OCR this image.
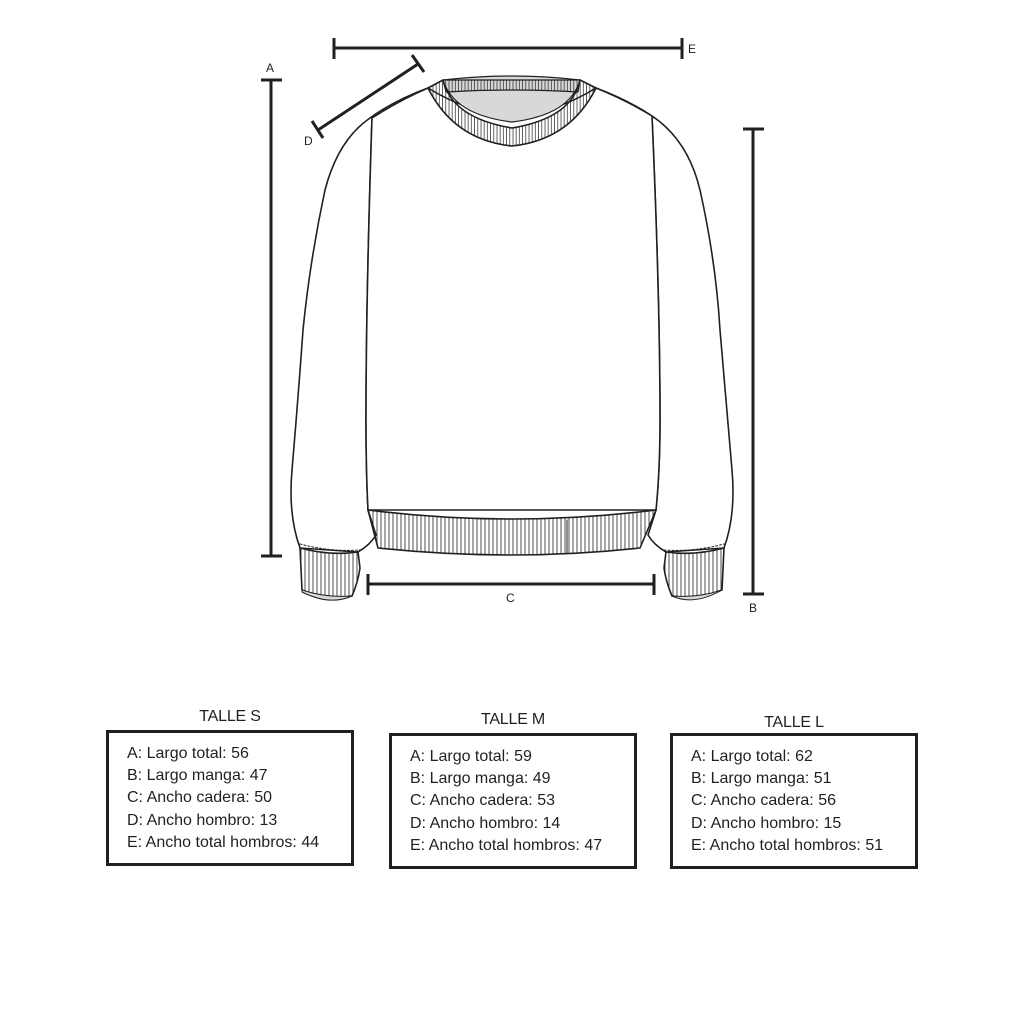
A
B
C
D
E
TALLE S
A: Largo total: 56
B: Largo manga: 47
C: Ancho cadera: 50
D: Ancho hombro: 13
E: Ancho total hombros: 44
TALLE M
A: Largo total: 59
B: Largo manga: 49
C: Ancho cadera: 53
D: Ancho hombro: 14
E: Ancho total hombros: 47
TALLE L
A: Largo total: 62
B: Largo manga: 51
C: Ancho cadera: 56
D: Ancho hombro: 15
E: Ancho total hombros: 51
